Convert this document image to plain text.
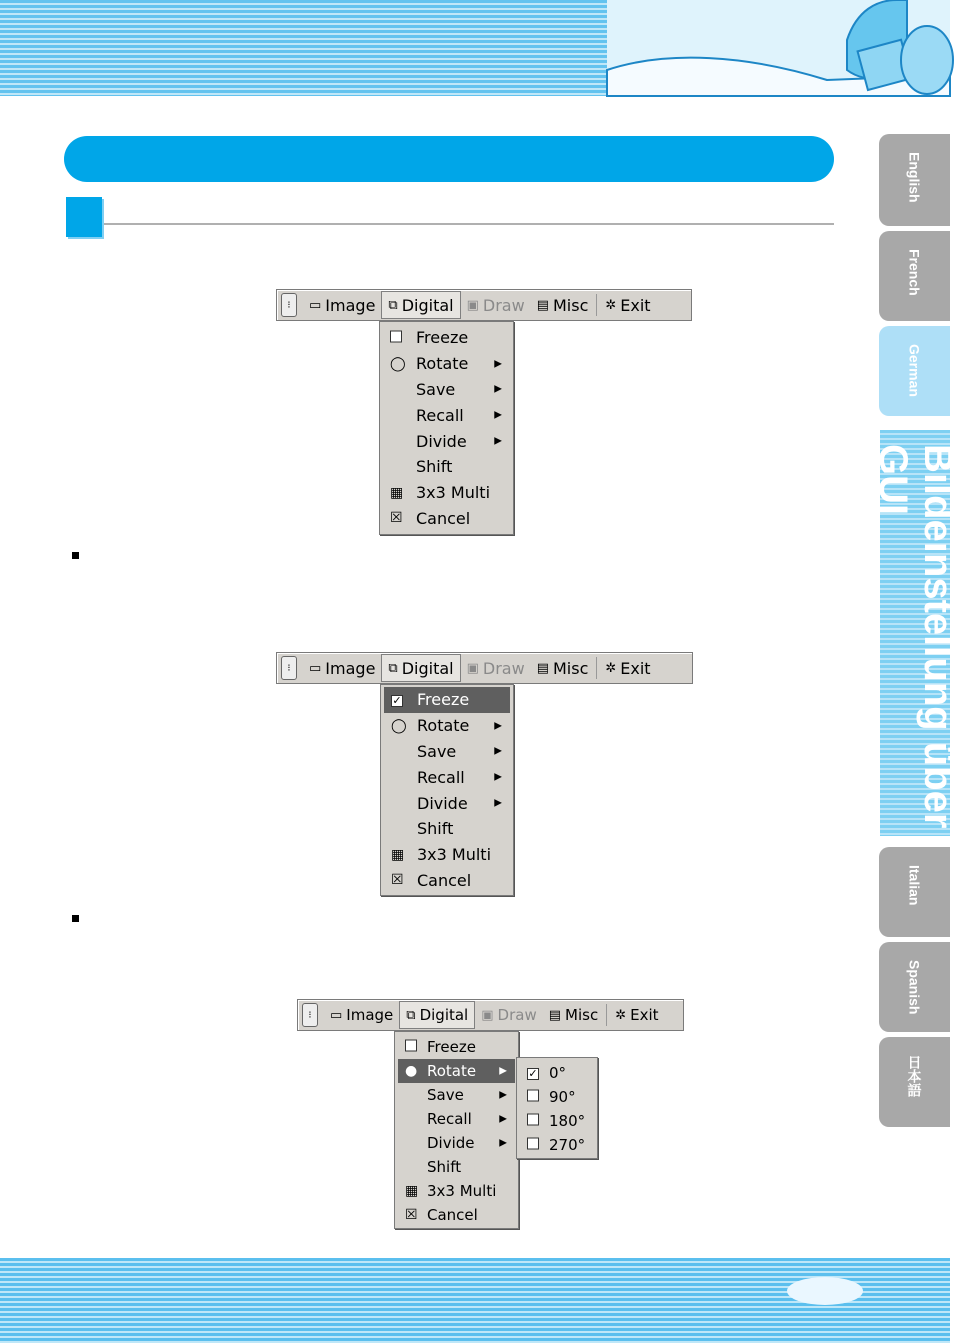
English
French
German
Bildeinstellung über GUI
Italian
Spanish
日本語
⁝	▭ Image ⧉ Digital ▣ Draw ▤ Misc ✲ Exit
Freeze
◯ Rotate	▶
Save	▶
Recall	▶
Divide	▶
Shift
▦ 3x3 Multi
☒ Cancel
⁝	▭ Image ⧉ Digital ▣ Draw ▤ Misc ✲ Exit
✓ Freeze
◯ Rotate ▶
Save	▶
Recall	▶
Divide	▶
Shift
▦ 3x3 Multi
☒ Cancel
⁝	▭ Image ⧉ Digital ▣ Draw ▤ Misc ✲ Exit
Freeze
● Rotate ▶
Save	▶
Recall	▶
Divide ▶
Shift
▦ 3x3 Multi
☒ Cancel
✓ 0°
90°
180°
270°
